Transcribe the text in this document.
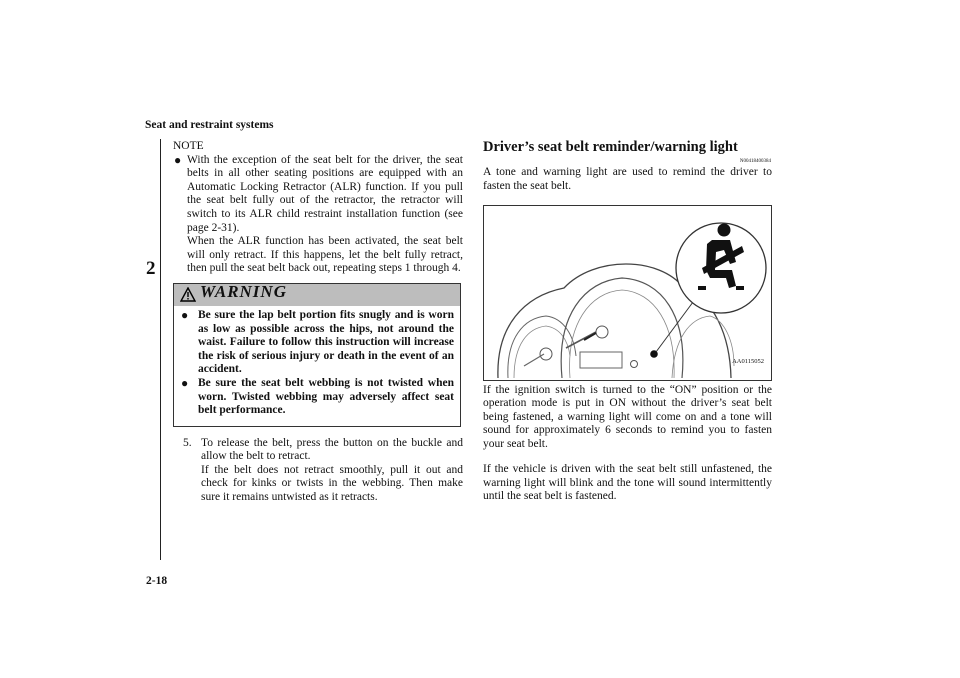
Seat and restraint systems
2
2-18
NOTE
● With the exception of the seat belt for the driver, the seat belts in all other seating positions are equipped with an Automatic Locking Retractor (ALR) function. If you pull the seat belt fully out of the retractor, the retractor will switch to its ALR child restraint installation function (see page 2-31).

When the ALR function has been activated, the seat belt will only retract. If this happens, let the belt fully retract, then pull the seat belt back out, repeating steps 1 through 4.

WARNING
● Be sure the lap belt portion fits snugly and is worn as low as possible across the hips, not around the waist. Failure to follow this instruction will increase the risk of serious injury or death in the event of an accident.
● Be sure the seat belt webbing is not twisted when worn. Twisted webbing may adversely affect seat belt performance.
5. To release the belt, press the button on the buckle and allow the belt to retract.

If the belt does not retract smoothly, pull it out and check for kinks or twists in the webbing. Then make sure it remains untwisted as it retracts.

Driver’s seat belt reminder/warning light
N00418400384

A tone and warning light are used to remind the driver to fasten the seat belt.

AA0115052

If the ignition switch is turned to the “ON” position or the operation mode is put in ON without the driver’s seat belt being fastened, a warning light will come on and a tone will sound for approximately 6 seconds to remind you to fasten your seat belt.

If the vehicle is driven with the seat belt still unfastened, the warning light will blink and the tone will sound intermittently until the seat belt is fastened.
